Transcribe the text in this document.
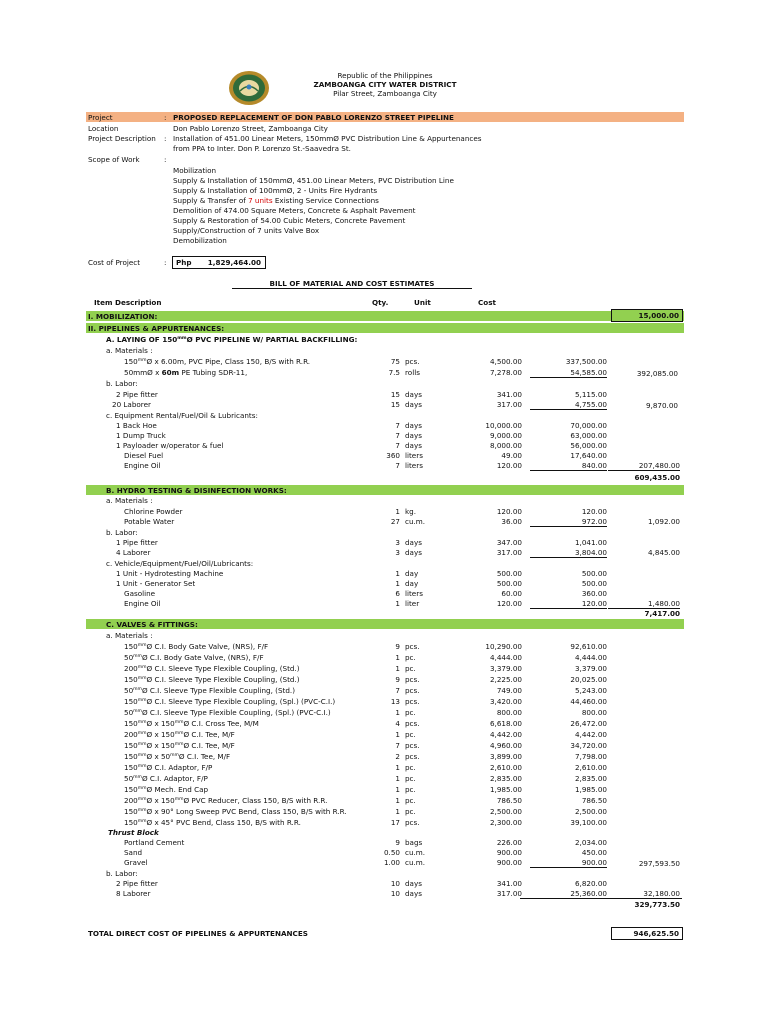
Republic of the Philippines
ZAMBOANGA CITY WATER DISTRICT
Pilar Street, Zamboanga City
Project	: PROPOSED REPLACEMENT OF DON PABLO LORENZO STREET PIPELINE
Location	Don Pablo Lorenzo Street, Zamboanga City
Project Description : Installation of 451.00 Linear Meters, 150mmØ PVC Distribution Line & Appurtenances
from PPA to Inter. Don P. Lorenzo St.-Saavedra St.
Scope of Work	:
Mobilization
Supply & Installation of 150mmØ, 451.00 Linear Meters, PVC Distribution Line
Supply & Installation of 100mmØ, 2 - Units Fire Hydrants
Supply & Transfer of 7 units Existing Service Connections
Demolition of 474.00 Square Meters, Concrete & Asphalt Pavement
Supply & Restoration of 54.00 Cubic Meters, Concrete Pavement
Supply/Construction of 7 units Valve Box
Demobilization
Cost of Project	: Php 1,829,464.00
BILL OF MATERIAL AND COST ESTIMATES
Item Description	Qty.	Unit	Cost
I. MOBILIZATION:	15,000.00
II. PIPELINES & APPURTENANCES:
A. LAYING OF $150^{mm}Ø$ PVC PIPELINE W/ PARTIAL BACKFILLING:
a. Materials :
$150^{mm}Ø$ x 6.00m, PVC Pipe, Class 150, B/S with R.R.	75 pcs.	4,500.00	337,500.00
50mmØ x 60m PE Tubing SDR-11,	7.5 rolls	7,278.00	54,585.00	392,085.00
b. Labor:
2 Pipe fitter	15 days	341.00	5,115.00
20 Laborer	15 days	317.00	4,755.00	9,870.00
c. Equipment Rental/Fuel/Oil & Lubricants:
1 Back Hoe	7 days	10,000.00	70,000.00
1 Dump Truck	7 days	9,000.00	63,000.00
1 Payloader w/operator & fuel	7 days	8,000.00	56,000.00
Diesel Fuel	360 liters	49.00	17,640.00
Engine Oil	7 liters	120.00	840.00	207,480.00
609,435.00
B. HYDRO TESTING & DISINFECTION WORKS:
a. Materials :
Chlorine Powder	1 kg.	120.00	120.00
Potable Water	27 cu.m.	36.00	972.00	1,092.00
b. Labor:
1 Pipe fitter	3 days	347.00	1,041.00
4 Laborer	3 days	317.00	3,804.00	4,845.00
c. Vehicle/Equipment/Fuel/Oil/Lubricants:
1 Unit - Hydrotesting Machine	1 day	500.00	500.00
1 Unit - Generator Set	1 day	500.00	500.00
Gasoline	6 liters	60.00	360.00
Engine Oil	1 liter	120.00	120.00	1,480.00
7,417.00
C. VALVES & FITTINGS:
a. Materials :
$150^{mm}Ø$ C.I. Body Gate Valve, (NRS), F/F	9 pcs.	10,290.00	92,610.00
$50^{mm}Ø$ C.I. Body Gate Valve, (NRS), F/F	1 pc.	4,444.00	4,444.00
$200^{mm}Ø$ C.I. Sleeve Type Flexible Coupling, (Std.)	1 pc.	3,379.00	3,379.00
$150^{mm}Ø$ C.I. Sleeve Type Flexible Coupling, (Std.)	9 pcs.	2,225.00	20,025.00
$50^{mm}Ø$ C.I. Sleeve Type Flexible Coupling, (Std.)	7 pcs.	749.00	5,243.00
$150^{mm}Ø$ C.I. Sleeve Type Flexible Coupling, (Spl.) (PVC-C.I.)	13 pcs.	3,420.00	44,460.00
$50^{mm}Ø$ C.I. Sleeve Type Flexible Coupling, (Spl.) (PVC-C.I.)	1 pc.	800.00	800.00
$150^{mm}Ø$ x $150^{mm}Ø$ C.I. Cross Tee, M/M	4 pcs.	6,618.00	26,472.00
$200^{mm}Ø$ x $150^{mm}Ø$ C.I. Tee, M/F	1 pc.	4,442.00	4,442.00
$150^{mm}Ø$ x $150^{mm}Ø$ C.I. Tee, M/F	7 pcs.	4,960.00	34,720.00
$150^{mm}Ø$ x $50^{mm}Ø$ C.I. Tee, M/F	2 pcs.	3,899.00	7,798.00
$150^{mm}Ø$ C.I. Adaptor, F/P	1 pc.	2,610.00	2,610.00
$50^{mm}Ø$ C.I. Adaptor, F/P	1 pc.	2,835.00	2,835.00
$150^{mm}Ø$ Mech. End Cap	1 pc.	1,985.00	1,985.00
$200^{mm}Ø$ x $150^{mm}Ø$ PVC Reducer, Class 150, B/S with R.R.	1 pc.	786.50	786.50
$150^{mm}Ø$ x 90° Long Sweep PVC Bend, Class 150, B/S with R.R.	1 pc.	2,500.00	2,500.00
$150^{mm}Ø$ x 45° PVC Bend, Class 150, B/S with R.R.	17 pcs.	2,300.00	39,100.00
Thrust Block
Portland Cement	9 bags	226.00	2,034.00
Sand	0.50 cu.m.	900.00	450.00
Gravel	1.00 cu.m.	900.00	900.00	297,593.50
b. Labor:
2 Pipe fitter	10 days	341.00	6,820.00
8 Laborer	10 days	317.00	25,360.00	32,180.00
329,773.50
TOTAL DIRECT COST OF PIPELINES & APPURTENANCES	946,625.50
